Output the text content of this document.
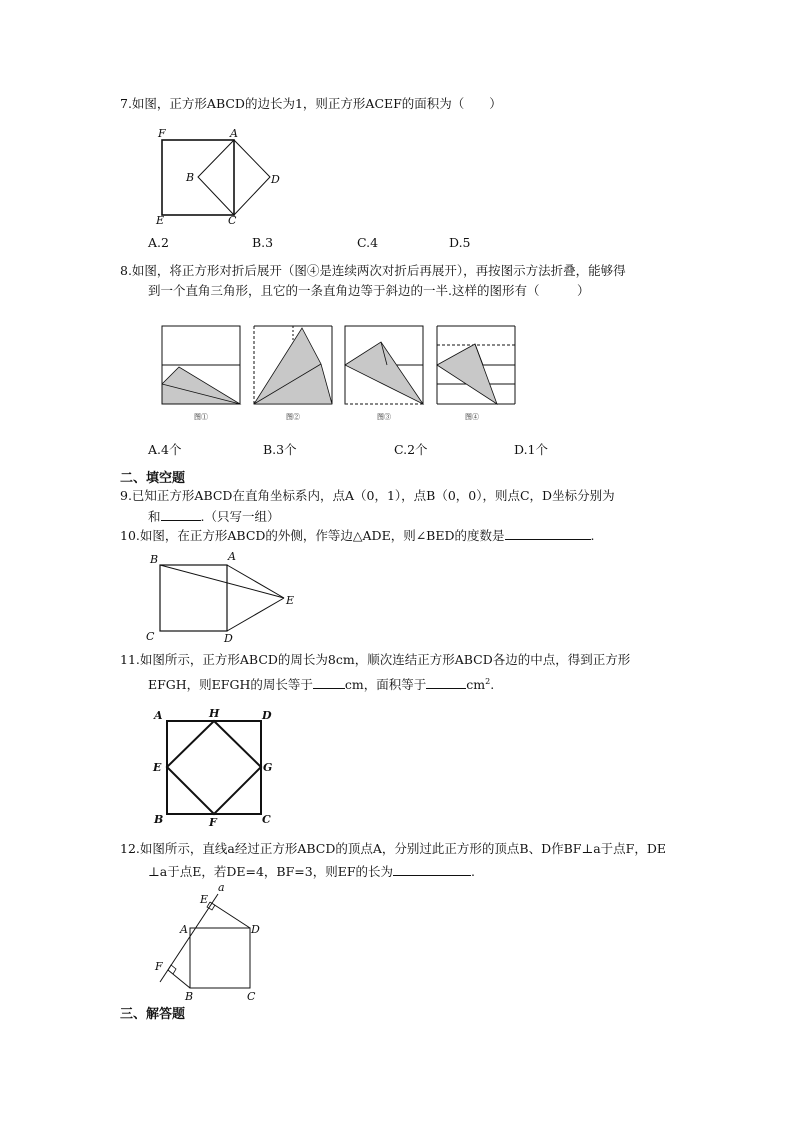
7.如图，正方形ABCD的边长为1，则正方形ACEF的面积为（　　）
F	A
B	D
E	C
A.2	B.3	C.4	D.5
8.如图，将正方形对折后展开（图④是连续两次对折后再展开），再按图示方法折叠，能够得
到一个直角三角形，且它的一条直角边等于斜边的一半.这样的图形有（　　　）
图①	图②	图③	图④
A.4个	B.3个	C.2个	D.1个
二、填空题
9.已知正方形ABCD在直角坐标系内，点A（0，1），点B（0，0），则点C，D坐标分别为
和	.（只写一组）
10.如图，在正方形ABCD的外侧，作等边△ADE，则∠BED的度数是	.
B	A
E
C	D
11.如图所示，正方形ABCD的周长为8cm，顺次连结正方形ABCD各边的中点，得到正方形
EFGH，则EFGH的周长等于	cm，面积等于	$cm^2$.
A	H	D
E	G
B	F	C
12.如图所示，直线a经过正方形ABCD的顶点A，分别过此正方形的顶点B、D作BF⊥a于点F，DE
⊥a于点E，若DE=4，BF=3，则EF的长为	.
a
E
A	D
F
B	C
三、解答题
